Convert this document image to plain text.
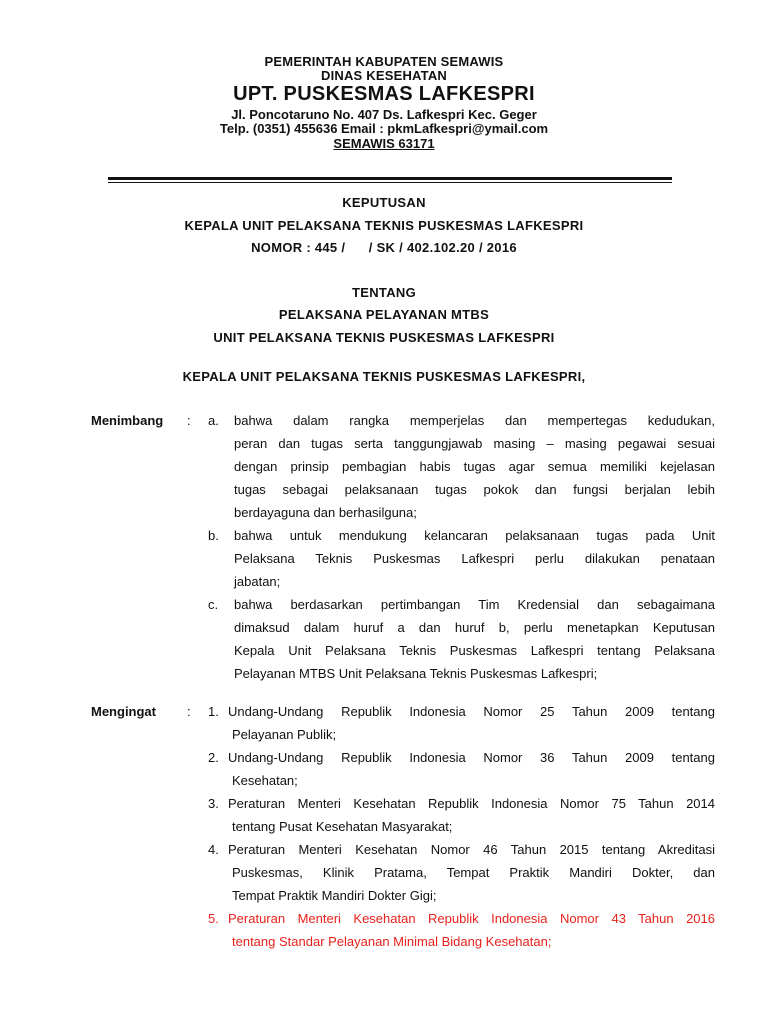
PEMERINTAH KABUPATEN SEMAWIS
DINAS KESEHATAN
UPT. PUSKESMAS LAFKESPRI
Jl. Poncotaruno No. 407 Ds. Lafkespri Kec. Geger
Telp. (0351) 455636 Email : pkmLafkespri@ymail.com
SEMAWIS 63171
KEPUTUSAN
KEPALA UNIT PELAKSANA TEKNIS PUSKESMAS LAFKESPRI
NOMOR : 445 /      / SK / 402.102.20 / 2016
TENTANG
PELAKSANA PELAYANAN MTBS
UNIT PELAKSANA TEKNIS PUSKESMAS LAFKESPRI
KEPALA UNIT PELAKSANA TEKNIS PUSKESMAS LAFKESPRI,
Menimbang : a. bahwa dalam rangka memperjelas dan mempertegas kedudukan,
peran dan tugas serta tanggungjawab masing – masing pegawai sesuai
dengan prinsip pembagian habis tugas agar semua memiliki kejelasan
tugas sebagai pelaksanaan tugas pokok dan fungsi berjalan lebih
berdayaguna dan berhasilguna;
b. bahwa untuk mendukung kelancaran pelaksanaan tugas pada Unit
Pelaksana Teknis Puskesmas Lafkespri perlu dilakukan penataan
jabatan;
c. bahwa berdasarkan pertimbangan Tim Kredensial dan sebagaimana
dimaksud dalam huruf a dan huruf b, perlu menetapkan Keputusan
Kepala Unit Pelaksana Teknis Puskesmas Lafkespri tentang Pelaksana
Pelayanan MTBS Unit Pelaksana Teknis Puskesmas Lafkespri;
Mengingat : 1. Undang-Undang Republik Indonesia Nomor 25 Tahun 2009 tentang
Pelayanan Publik;
2. Undang-Undang Republik Indonesia Nomor 36 Tahun 2009 tentang
Kesehatan;
3. Peraturan Menteri Kesehatan Republik Indonesia Nomor 75 Tahun 2014
tentang Pusat Kesehatan Masyarakat;
4. Peraturan Menteri Kesehatan Nomor 46 Tahun 2015 tentang Akreditasi
Puskesmas, Klinik Pratama, Tempat Praktik Mandiri Dokter, dan
Tempat Praktik Mandiri Dokter Gigi;
5. Peraturan Menteri Kesehatan Republik Indonesia Nomor 43 Tahun 2016
tentang Standar Pelayanan Minimal Bidang Kesehatan;
